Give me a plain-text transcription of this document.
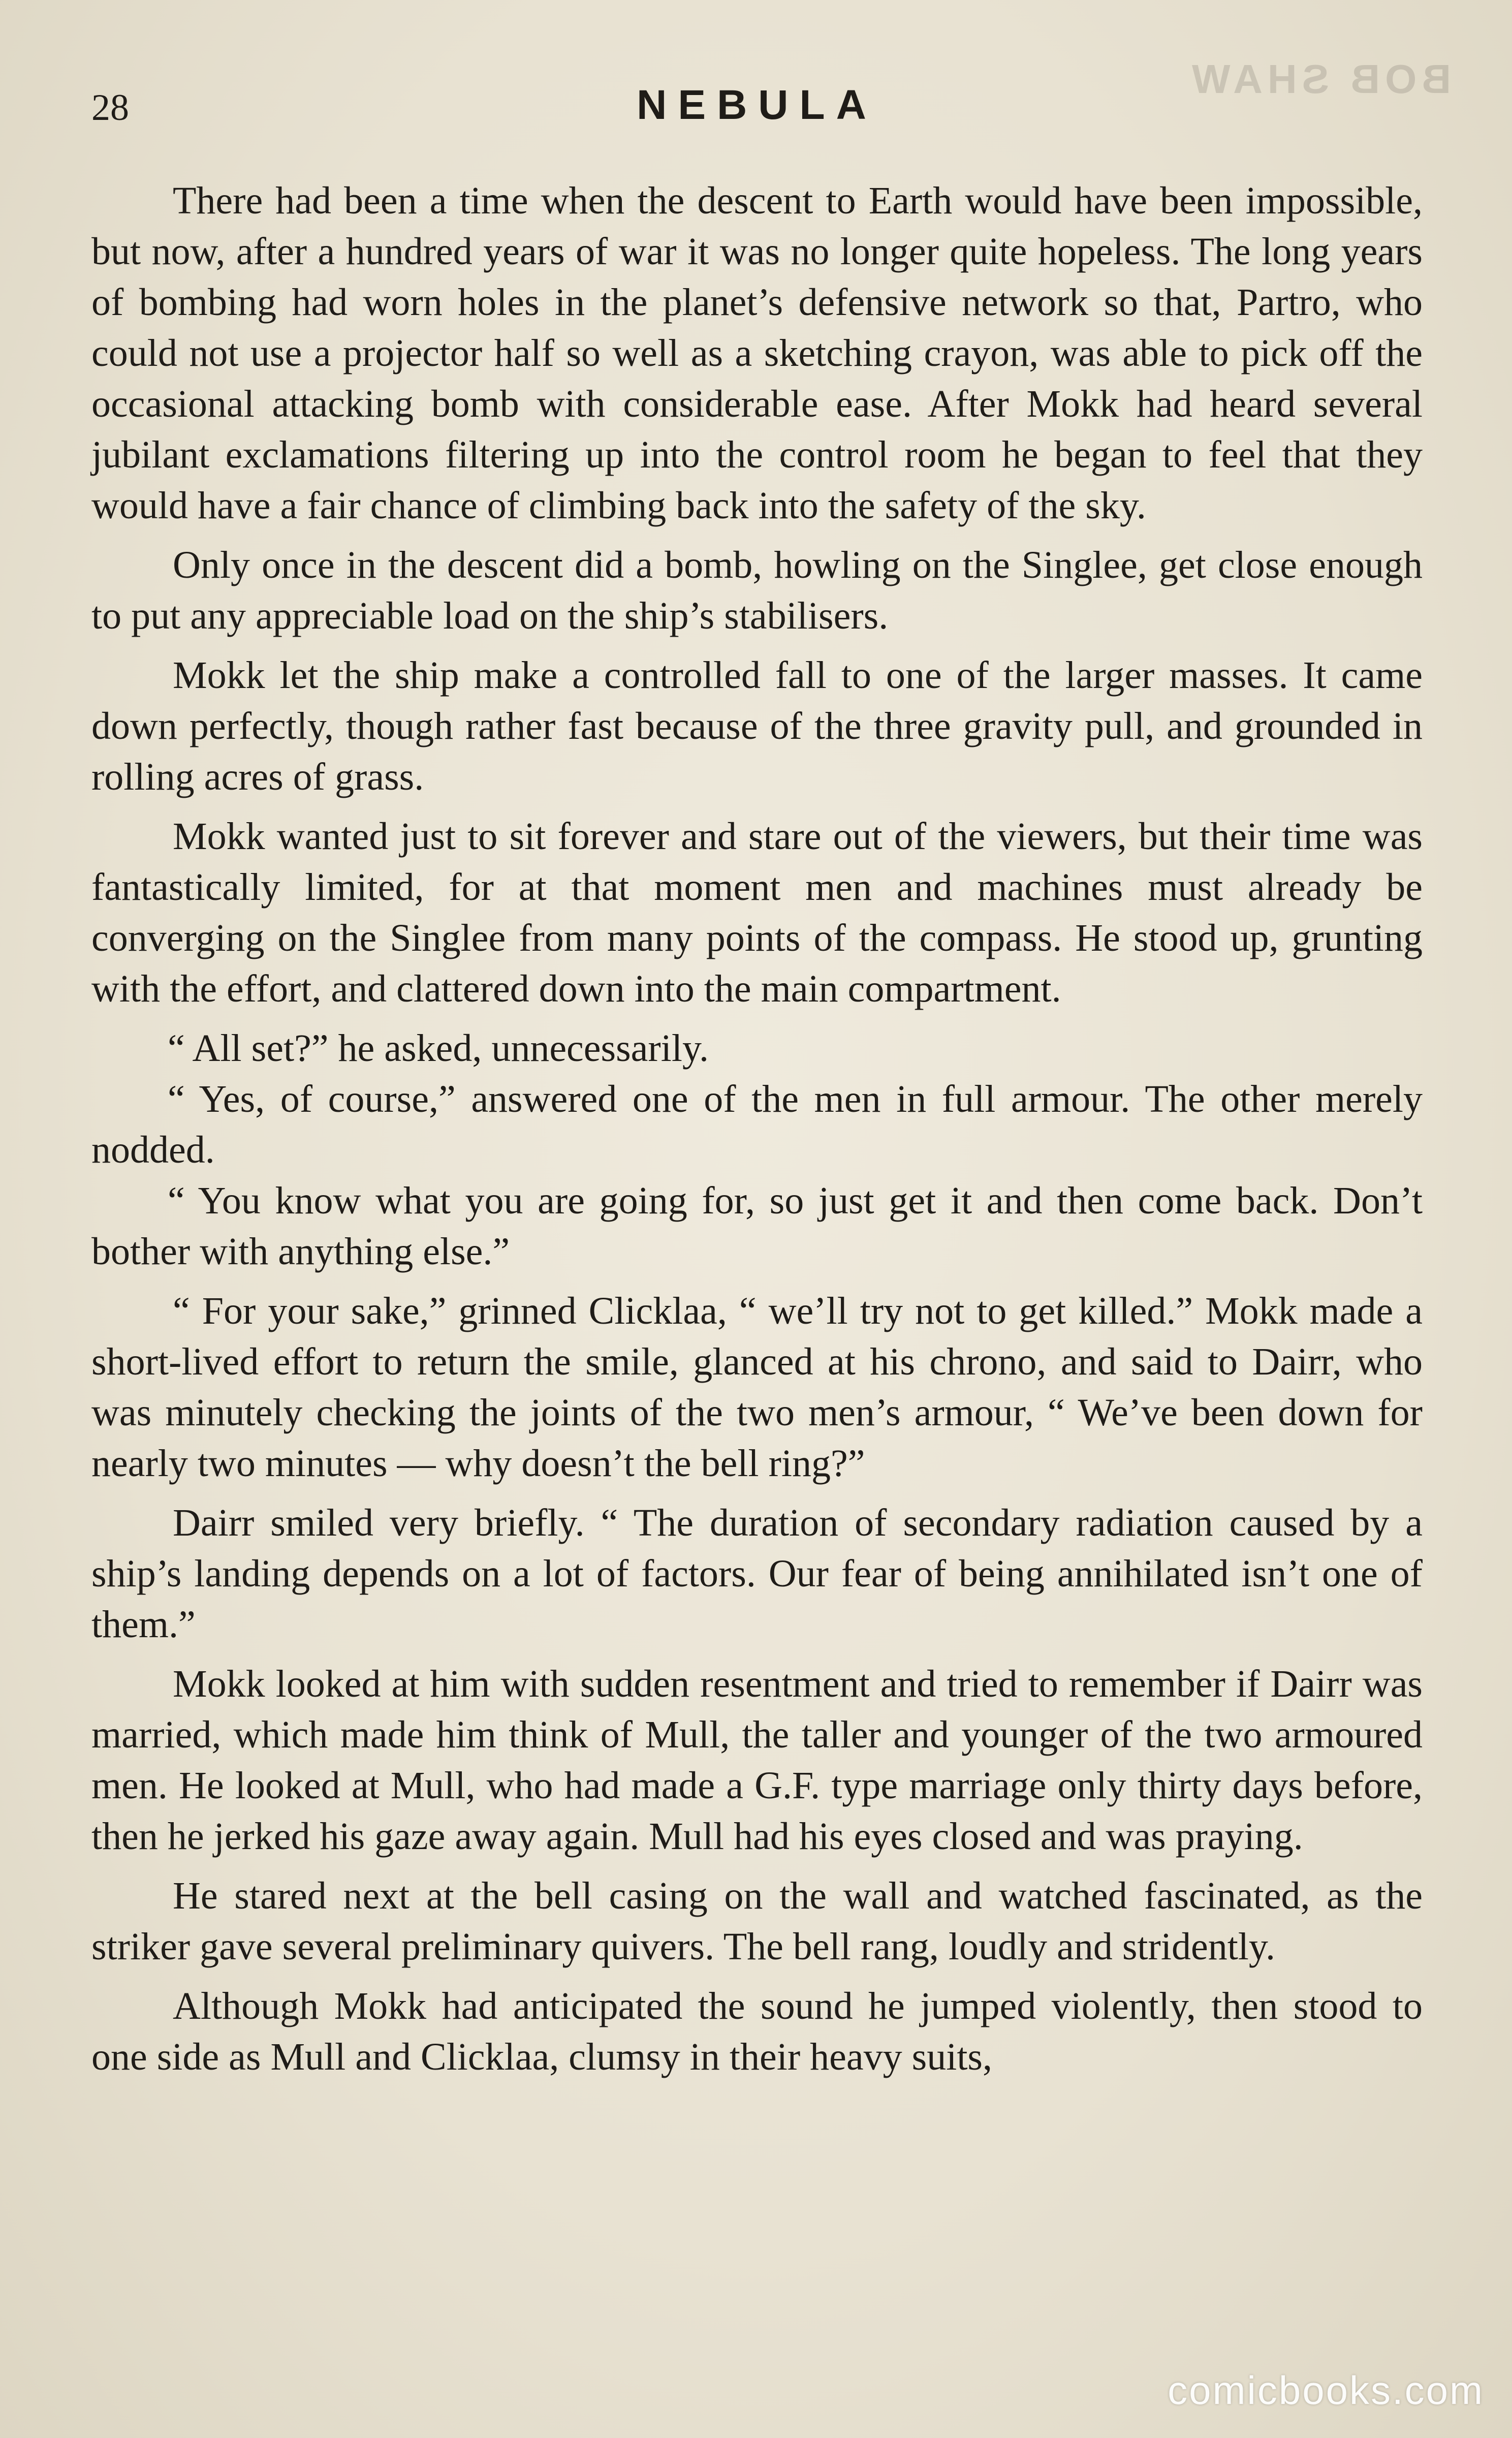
BOB SHAW
28	NEBULA

There had been a time when the descent to Earth would have been impossible, but now, after a hundred years of war it was no longer quite hopeless. The long years of bombing had worn holes in the planet’s defensive network so that, Partro, who could not use a projector half so well as a sketching crayon, was able to pick off the occasional attacking bomb with considerable ease. After Mokk had heard several jubilant exclamations filtering up into the control room he began to feel that they would have a fair chance of climbing back into the safety of the sky.

Only once in the descent did a bomb, howling on the Singlee, get close enough to put any appreciable load on the ship’s stabilisers.

Mokk let the ship make a controlled fall to one of the larger masses. It came down perfectly, though rather fast because of the three gravity pull, and grounded in rolling acres of grass.

Mokk wanted just to sit forever and stare out of the viewers, but their time was fantastically limited, for at that moment men and machines must already be converging on the Singlee from many points of the compass. He stood up, grunting with the effort, and clattered down into the main compartment.

“ All set?” he asked, unnecessarily.

“ Yes, of course,” answered one of the men in full armour. The other merely nodded.

“ You know what you are going for, so just get it and then come back. Don’t bother with anything else.”

“ For your sake,” grinned Clicklaa, “ we’ll try not to get killed.” Mokk made a short-lived effort to return the smile, glanced at his chrono, and said to Dairr, who was minutely checking the joints of the two men’s armour, “ We’ve been down for nearly two minutes — why doesn’t the bell ring?”

Dairr smiled very briefly. “ The duration of secondary radiation caused by a ship’s landing depends on a lot of factors. Our fear of being annihilated isn’t one of them.”

Mokk looked at him with sudden resentment and tried to remember if Dairr was married, which made him think of Mull, the taller and younger of the two armoured men. He looked at Mull, who had made a G.F. type marriage only thirty days before, then he jerked his gaze away again. Mull had his eyes closed and was praying.

He stared next at the bell casing on the wall and watched fascinated, as the striker gave several preliminary quivers. The bell rang, loudly and stridently.

Although Mokk had anticipated the sound he jumped violently, then stood to one side as Mull and Clicklaa, clumsy in their heavy suits,

comicbooks.com
